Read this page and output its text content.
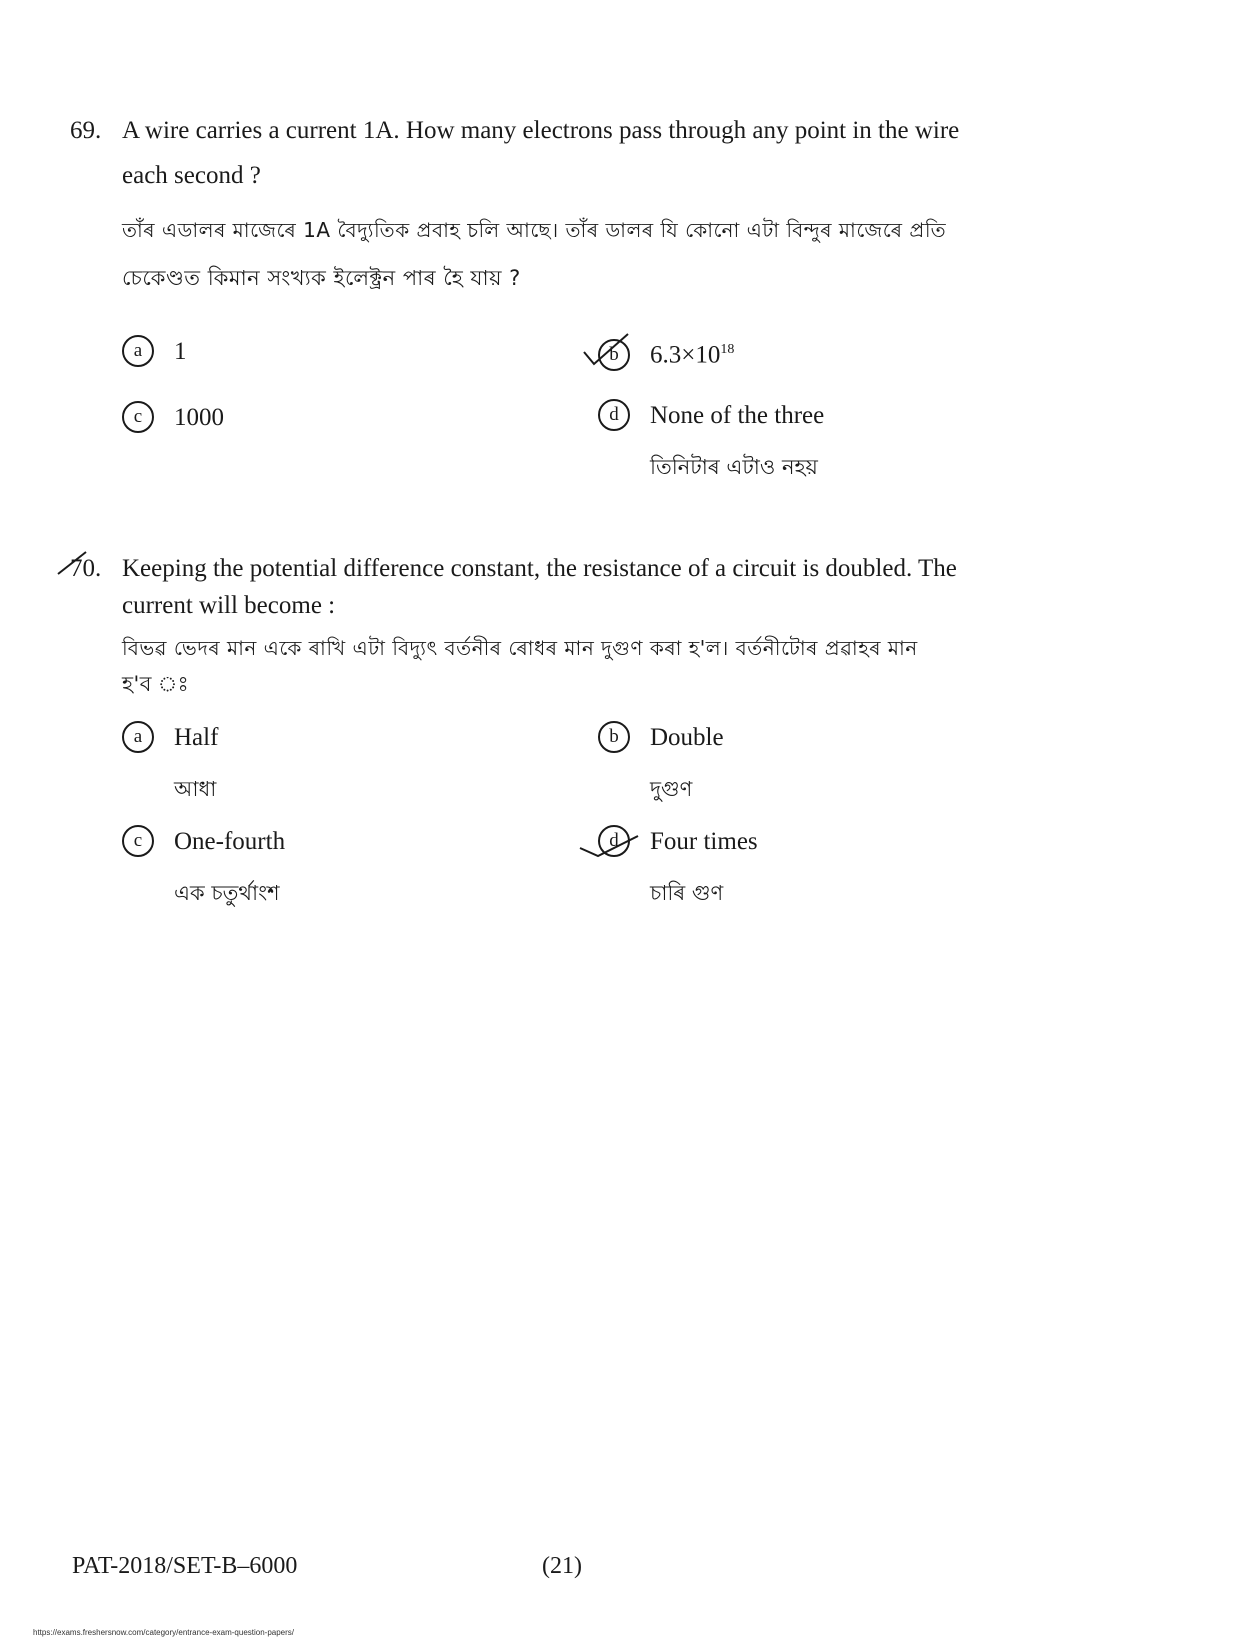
69. A wire carries a current 1A. How many electrons pass through any point in the wire
each second ?
তাঁৰ এডালৰ মাজেৰে 1A বৈদ্যুতিক প্ৰবাহ চলি আছে। তাঁৰ ডালৰ যি কোনো এটা বিন্দুৰ মাজেৰে প্ৰতি
চেকেণ্ডত কিমান সংখ্যক ইলেক্ট্ৰন পাৰ হৈ যায় ?
a 1	b $6.3\times 10^{18}$
c 1000	d None of the three
তিনিটাৰ এটাও নহয়
70. Keeping the potential difference constant, the resistance of a circuit is doubled. The
current will become :
বিভৱ ভেদৰ মান একে ৰাখি এটা বিদ্যুৎ বৰ্তনীৰ ৰোধৰ মান দুগুণ কৰা হ'ল। বৰ্তনীটোৰ প্ৰৱাহৰ মান
হ'ব ঃ
a Half
আধা
b Double
দুগুণ
c One-fourth
এক চতুৰ্থাংশ
d Four times
চাৰি গুণ
PAT-2018/SET-B–6000	(21)
https://exams.freshersnow.com/category/entrance-exam-question-papers/
